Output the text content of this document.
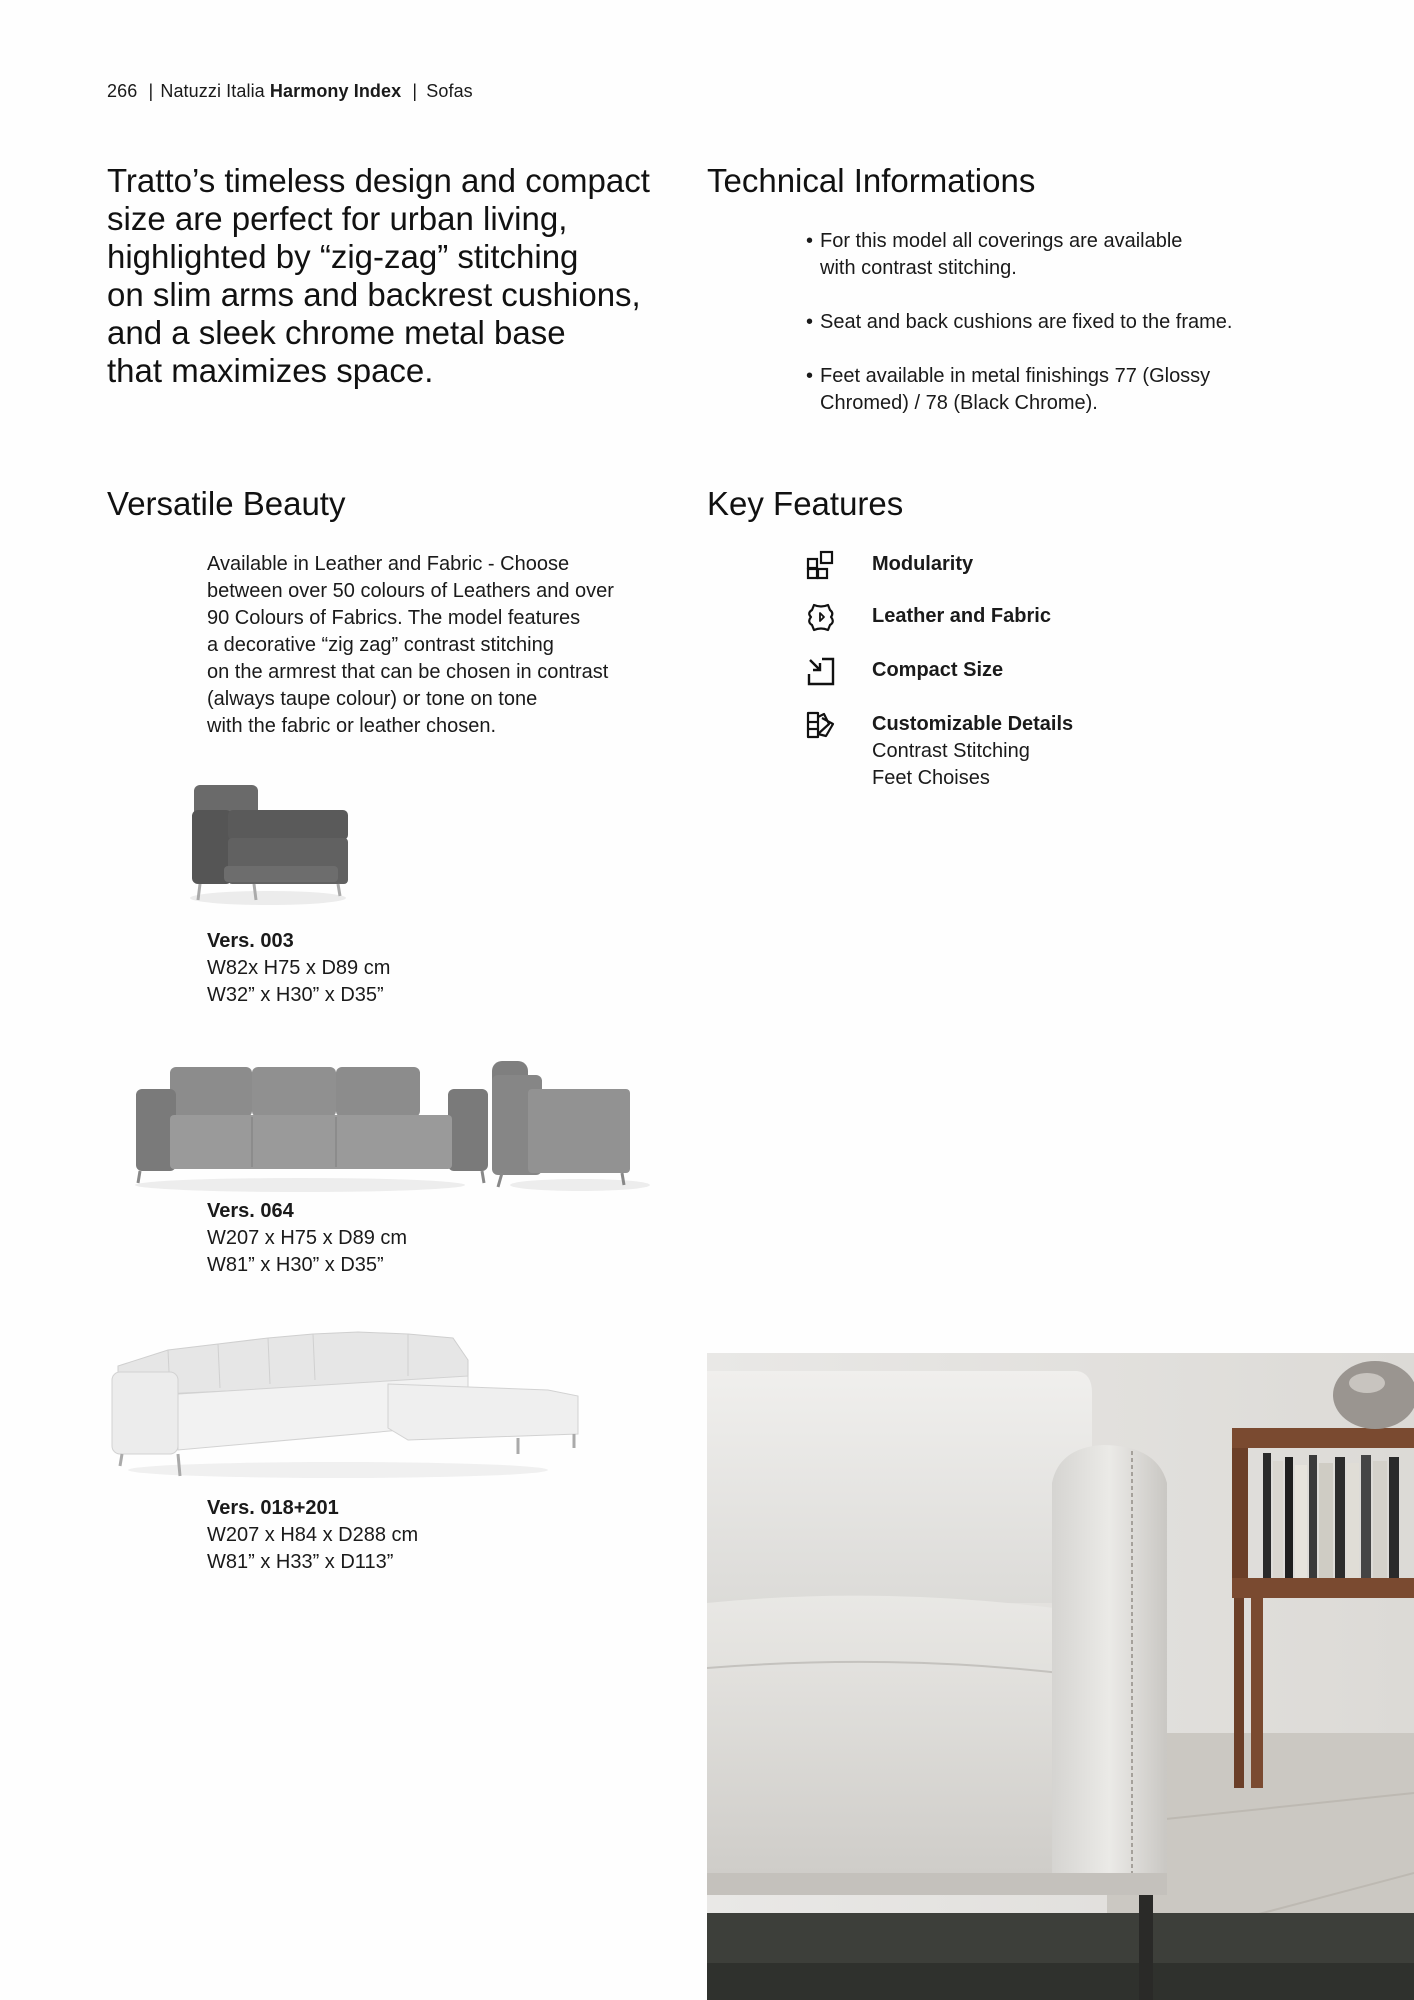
266 | Natuzzi Italia Harmony Index | Sofas
Tratto’s timeless design and compact
size are perfect for urban living,
highlighted by “zig-zag” stitching
on slim arms and backrest cushions,
and a sleek chrome metal base
that maximizes space.
Technical Informations
• For this model all coverings are available
with contrast stitching.
• Seat and back cushions are fixed to the frame.
• Feet available in metal finishings 77 (Glossy
Chromed) / 78 (Black Chrome).
Versatile Beauty
Available in Leather and Fabric - Choose
between over 50 colours of Leathers and over
90 Colours of Fabrics. The model features
a decorative “zig zag” contrast stitching
on the armrest that can be chosen in contrast
(always taupe colour) or tone on tone
with the fabric or leather chosen.
Key Features
Modularity
Leather and Fabric
Compact Size
Customizable Details
Contrast Stitching
Feet Choises
Vers. 003
W82x H75 x D89 cm
W32” x H30” x D35”
Vers. 064
W207 x H75 x D89 cm
W81” x H30” x D35”
Vers. 018+201
W207 x H84 x D288 cm
W81” x H33” x D113”
